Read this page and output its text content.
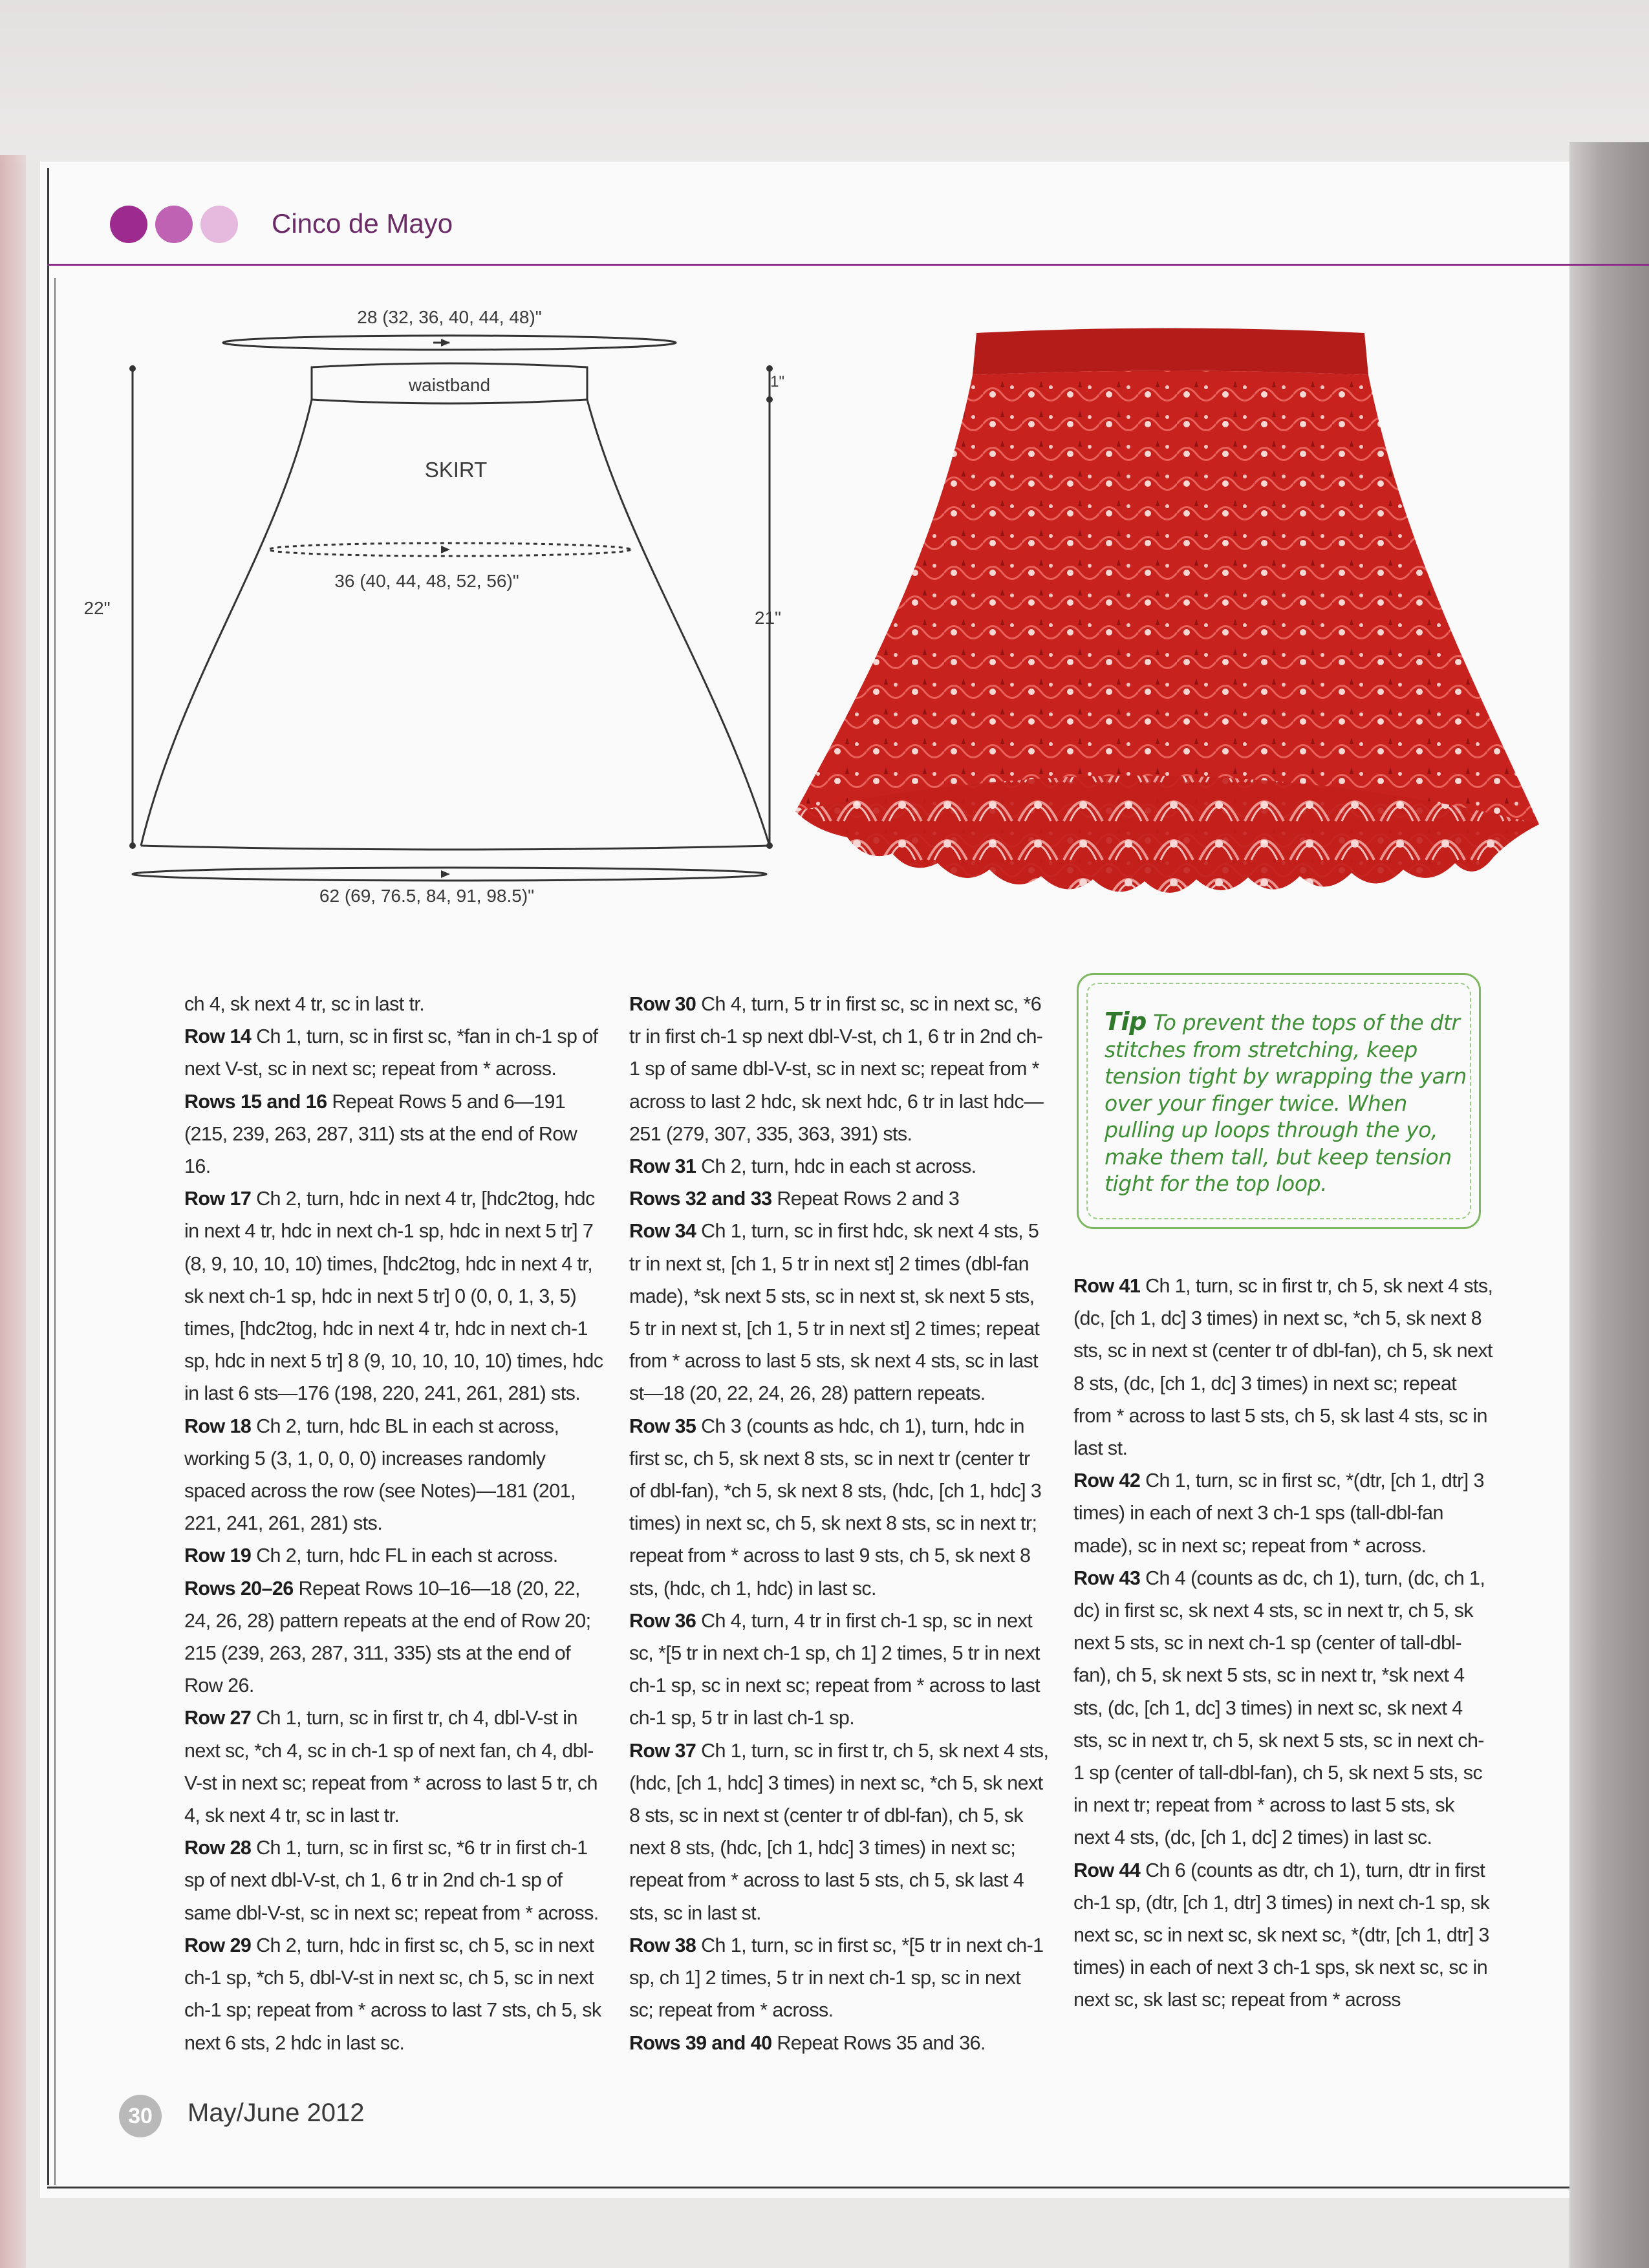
Cinco de Mayo
28 (32, 36, 40, 44, 48)"
waistband
SKIRT
36 (40, 44, 48, 52, 56)"
22"
1"
21"
62 (69, 76.5, 84, 91, 98.5)"

ch 4, sk next 4 tr, sc in last tr.

Row 14 Ch 1, turn, sc in first sc, *fan in ch-1 sp of next V-st, sc in next sc; repeat from * across.

Rows 15 and 16 Repeat Rows 5 and 6—191 (215, 239, 263, 287, 311) sts at the end of Row 16.

Row 17 Ch 2, turn, hdc in next 4 tr, [hdc2tog, hdc in next 4 tr, hdc in next ch-1 sp, hdc in next 5 tr] 7 (8, 9, 10, 10, 10) times, [hdc2tog, hdc in next 4 tr, sk next ch-1 sp, hdc in next 5 tr] 0 (0, 0, 1, 3, 5) times, [hdc2tog, hdc in next 4 tr, hdc in next ch-1 sp, hdc in next 5 tr] 8 (9, 10, 10, 10, 10) times, hdc in last 6 sts—176 (198, 220, 241, 261, 281) sts.

Row 18 Ch 2, turn, hdc BL in each st across, working 5 (3, 1, 0, 0, 0) increases randomly spaced across the row (see Notes)—181 (201, 221, 241, 261, 281) sts.

Row 19 Ch 2, turn, hdc FL in each st across.

Rows 20–26 Repeat Rows 10–16—18 (20, 22, 24, 26, 28) pattern repeats at the end of Row 20; 215 (239, 263, 287, 311, 335) sts at the end of Row 26.

Row 27 Ch 1, turn, sc in first tr, ch 4, dbl-V-st in next sc, *ch 4, sc in ch-1 sp of next fan, ch 4, dbl-V-st in next sc; repeat from * across to last 5 tr, ch 4, sk next 4 tr, sc in last tr.

Row 28 Ch 1, turn, sc in first sc, *6 tr in first ch-1 sp of next dbl-V-st, ch 1, 6 tr in 2nd ch-1 sp of same dbl-V-st, sc in next sc; repeat from * across.

Row 29 Ch 2, turn, hdc in first sc, ch 5, sc in next ch-1 sp, *ch 5, dbl-V-st in next sc, ch 5, sc in next ch-1 sp; repeat from * across to last 7 sts, ch 5, sk next 6 sts, 2 hdc in last sc.

Row 30 Ch 4, turn, 5 tr in first sc, sc in next sc, *6 tr in first ch-1 sp next dbl-V-st, ch 1, 6 tr in 2nd ch-1 sp of same dbl-V-st, sc in next sc; repeat from * across to last 2 hdc, sk next hdc, 6 tr in last hdc—251 (279, 307, 335, 363, 391) sts.

Row 31 Ch 2, turn, hdc in each st across.

Rows 32 and 33 Repeat Rows 2 and 3

Row 34 Ch 1, turn, sc in first hdc, sk next 4 sts, 5 tr in next st, [ch 1, 5 tr in next st] 2 times (dbl-fan made), *sk next 5 sts, sc in next st, sk next 5 sts, 5 tr in next st, [ch 1, 5 tr in next st] 2 times; repeat from * across to last 5 sts, sk next 4 sts, sc in last st—18 (20, 22, 24, 26, 28) pattern repeats.

Row 35 Ch 3 (counts as hdc, ch 1), turn, hdc in first sc, ch 5, sk next 8 sts, sc in next tr (center tr of dbl-fan), *ch 5, sk next 8 sts, (hdc, [ch 1, hdc] 3 times) in next sc, ch 5, sk next 8 sts, sc in next tr; repeat from * across to last 9 sts, ch 5, sk next 8 sts, (hdc, ch 1, hdc) in last sc.

Row 36 Ch 4, turn, 4 tr in first ch-1 sp, sc in next sc, *[5 tr in next ch-1 sp, ch 1] 2 times, 5 tr in next ch-1 sp, sc in next sc; repeat from * across to last ch-1 sp, 5 tr in last ch-1 sp.

Row 37 Ch 1, turn, sc in first tr, ch 5, sk next 4 sts, (hdc, [ch 1, hdc] 3 times) in next sc, *ch 5, sk next 8 sts, sc in next st (center tr of dbl-fan), ch 5, sk next 8 sts, (hdc, [ch 1, hdc] 3 times) in next sc; repeat from * across to last 5 sts, ch 5, sk last 4 sts, sc in last st.

Row 38 Ch 1, turn, sc in first sc, *[5 tr in next ch-1 sp, ch 1] 2 times, 5 tr in next ch-1 sp, sc in next sc; repeat from * across.

Rows 39 and 40 Repeat Rows 35 and 36.

Tip To prevent the tops of the dtr stitches from stretching, keep tension tight by wrapping the yarn over your finger twice. When pulling up loops through the yo, make them tall, but keep tension tight for the top loop.

Row 41 Ch 1, turn, sc in first tr, ch 5, sk next 4 sts, (dc, [ch 1, dc] 3 times) in next sc, *ch 5, sk next 8 sts, sc in next st (center tr of dbl-fan), ch 5, sk next 8 sts, (dc, [ch 1, dc] 3 times) in next sc; repeat from * across to last 5 sts, ch 5, sk last 4 sts, sc in last st.

Row 42 Ch 1, turn, sc in first sc, *(dtr, [ch 1, dtr] 3 times) in each of next 3 ch-1 sps (tall-dbl-fan made), sc in next sc; repeat from * across.

Row 43 Ch 4 (counts as dc, ch 1), turn, (dc, ch 1, dc) in first sc, sk next 4 sts, sc in next tr, ch 5, sk next 5 sts, sc in next ch-1 sp (center of tall-dbl-fan), ch 5, sk next 5 sts, sc in next tr, *sk next 4 sts, (dc, [ch 1, dc] 3 times) in next sc, sk next 4 sts, sc in next tr, ch 5, sk next 5 sts, sc in next ch-1 sp (center of tall-dbl-fan), ch 5, sk next 5 sts, sc in next tr; repeat from * across to last 5 sts, sk next 4 sts, (dc, [ch 1, dc] 2 times) in last sc.

Row 44 Ch 6 (counts as dtr, ch 1), turn, dtr in first ch-1 sp, (dtr, [ch 1, dtr] 3 times) in next ch-1 sp, sk next sc, sc in next sc, sk next sc, *(dtr, [ch 1, dtr] 3 times) in each of next 3 ch-1 sps, sk next sc, sc in next sc, sk last sc; repeat from * across

30	May/June 2012
